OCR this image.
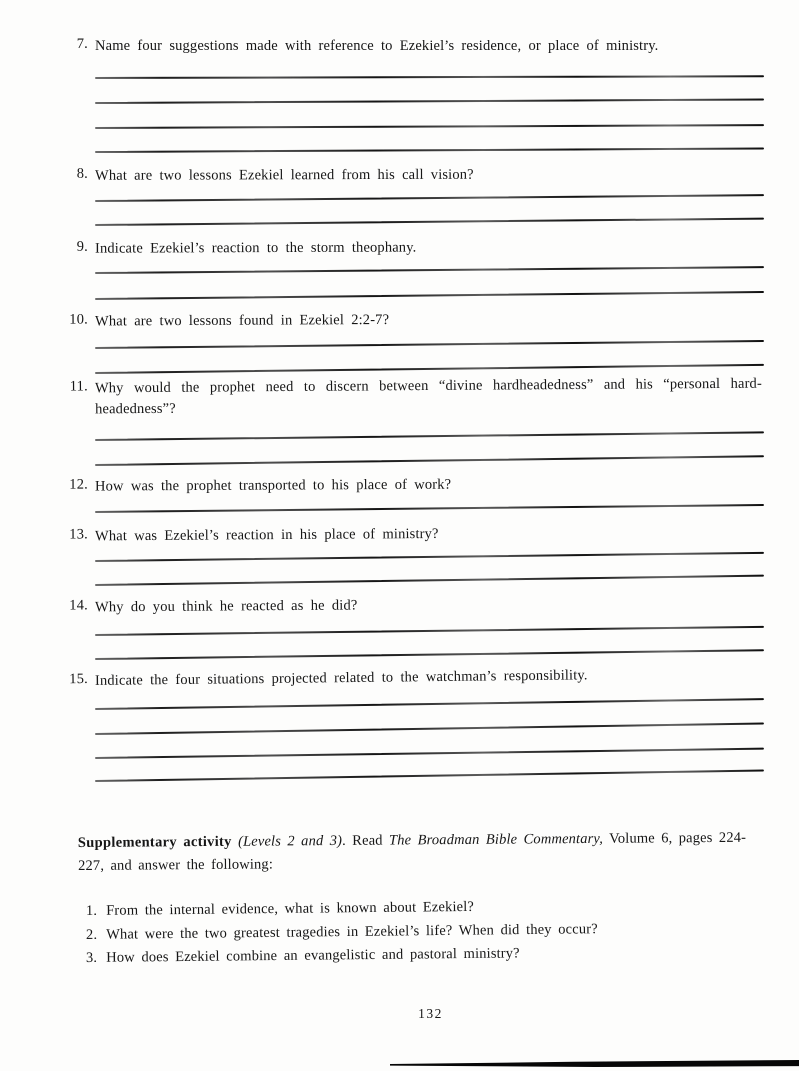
7. Name four suggestions made with reference to Ezekiel’s residence, or place of ministry.
8. What are two lessons Ezekiel learned from his call vision?
9. Indicate Ezekiel’s reaction to the storm theophany.
10. What are two lessons found in Ezekiel 2:2-7?
11. Why would the prophet need to discern between “divine hardheadedness” and his “personal hard-
headedness”?
12. How was the prophet transported to his place of work?
13. What was Ezekiel’s reaction in his place of ministry?
14. Why do you think he reacted as he did?
15. Indicate the four situations projected related to the watchman’s responsibility.
Supplementary activity (Levels 2 and 3). Read The Broadman Bible Commentary, Volume 6, pages 224-227, and answer the following:
1. From the internal evidence, what is known about Ezekiel?
2. What were the two greatest tragedies in Ezekiel’s life? When did they occur?
3. How does Ezekiel combine an evangelistic and pastoral ministry?
132
